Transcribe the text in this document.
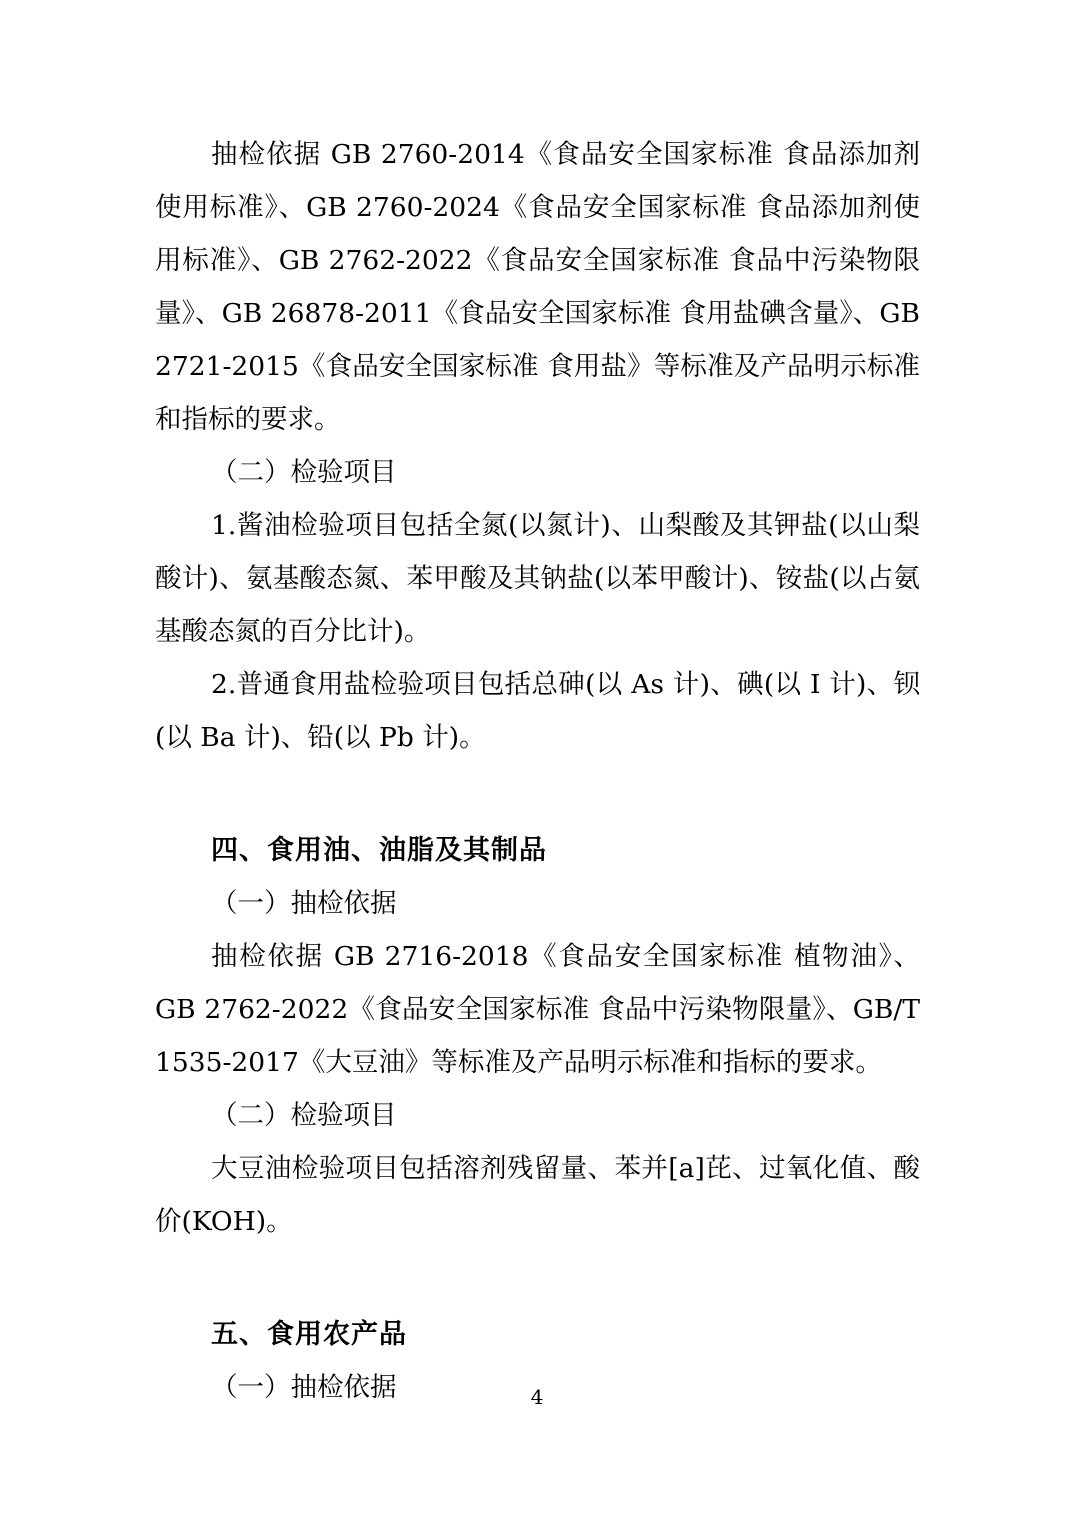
抽检依据 GB 2760-2014《食品安全国家标准 食品添加剂使用标准》、GB 2760-2024《食品安全国家标准 食品添加剂使用标准》、GB 2762-2022《食品安全国家标准 食品中污染物限量》、GB 26878-2011《食品安全国家标准 食用盐碘含量》、GB 2721-2015《食品安全国家标准 食用盐》等标准及产品明示标准和指标的要求。

（二）检验项目

1.酱油检验项目包括全氮(以氮计)、山梨酸及其钾盐(以山梨酸计)、氨基酸态氮、苯甲酸及其钠盐(以苯甲酸计)、铵盐(以占氨基酸态氮的百分比计)。

2.普通食用盐检验项目包括总砷(以 As 计)、碘(以 I 计)、钡(以 Ba 计)、铅(以 Pb 计)。

四、食用油、油脂及其制品

（一）抽检依据

抽检依据 GB 2716-2018《食品安全国家标准 植物油》、GB 2762-2022《食品安全国家标准 食品中污染物限量》、GB/T 1535-2017《大豆油》等标准及产品明示标准和指标的要求。

（二）检验项目

大豆油检验项目包括溶剂残留量、苯并[a]芘、过氧化值、酸价(KOH)。

五、食用农产品

（一）抽检依据	4
